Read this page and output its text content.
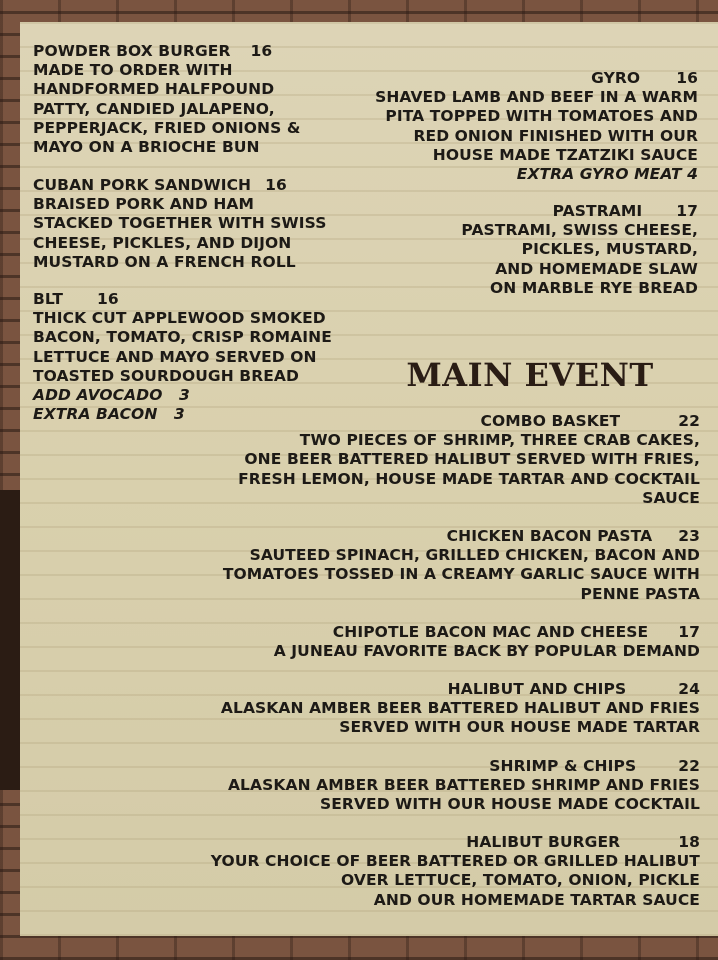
POWDER BOX BURGER 16
MADE TO ORDER WITH
HANDFORMED HALFPOUND
PATTY, CANDIED JALAPENO,
PEPPERJACK, FRIED ONIONS &
MAYO ON A BRIOCHE BUN
CUBAN PORK SANDWICH 16
BRAISED PORK AND HAM
STACKED TOGETHER WITH SWISS
CHEESE, PICKLES, AND DIJON
MUSTARD ON A FRENCH ROLL
BLT 16
THICK CUT APPLEWOOD SMOKED
BACON, TOMATO, CRISP ROMAINE
LETTUCE AND MAYO SERVED ON
TOASTED SOURDOUGH BREAD
ADD AVOCADO   3
EXTRA BACON   3
GYRO 16
SHAVED LAMB AND BEEF IN A WARM
PITA TOPPED WITH TOMATOES AND
RED ONION FINISHED WITH OUR
HOUSE MADE TZATZIKI SAUCE
EXTRA GYRO MEAT 4
PASTRAMI 17
PASTRAMI, SWISS CHEESE,
PICKLES, MUSTARD,
AND HOMEMADE SLAW
ON MARBLE RYE BREAD
MAIN EVENT
COMBO BASKET	22
TWO PIECES OF SHRIMP, THREE CRAB CAKES,
ONE BEER BATTERED HALIBUT SERVED WITH FRIES,
FRESH LEMON, HOUSE MADE TARTAR AND COCKTAIL
SAUCE
CHICKEN BACON PASTA 23
SAUTEED SPINACH, GRILLED CHICKEN, BACON AND
TOMATOES TOSSED IN A CREAMY GARLIC SAUCE WITH
PENNE PASTA
CHIPOTLE BACON MAC AND CHEESE 17
A JUNEAU FAVORITE BACK BY POPULAR DEMAND
HALIBUT AND CHIPS	24
ALASKAN AMBER BEER BATTERED HALIBUT AND FRIES
SERVED WITH OUR HOUSE MADE TARTAR
SHRIMP & CHIPS	22
ALASKAN AMBER BEER BATTERED SHRIMP AND FRIES
SERVED WITH OUR HOUSE MADE COCKTAIL
HALIBUT BURGER	18
YOUR CHOICE OF BEER BATTERED OR GRILLED HALIBUT
OVER LETTUCE, TOMATO, ONION, PICKLE
AND OUR HOMEMADE TARTAR SAUCE
